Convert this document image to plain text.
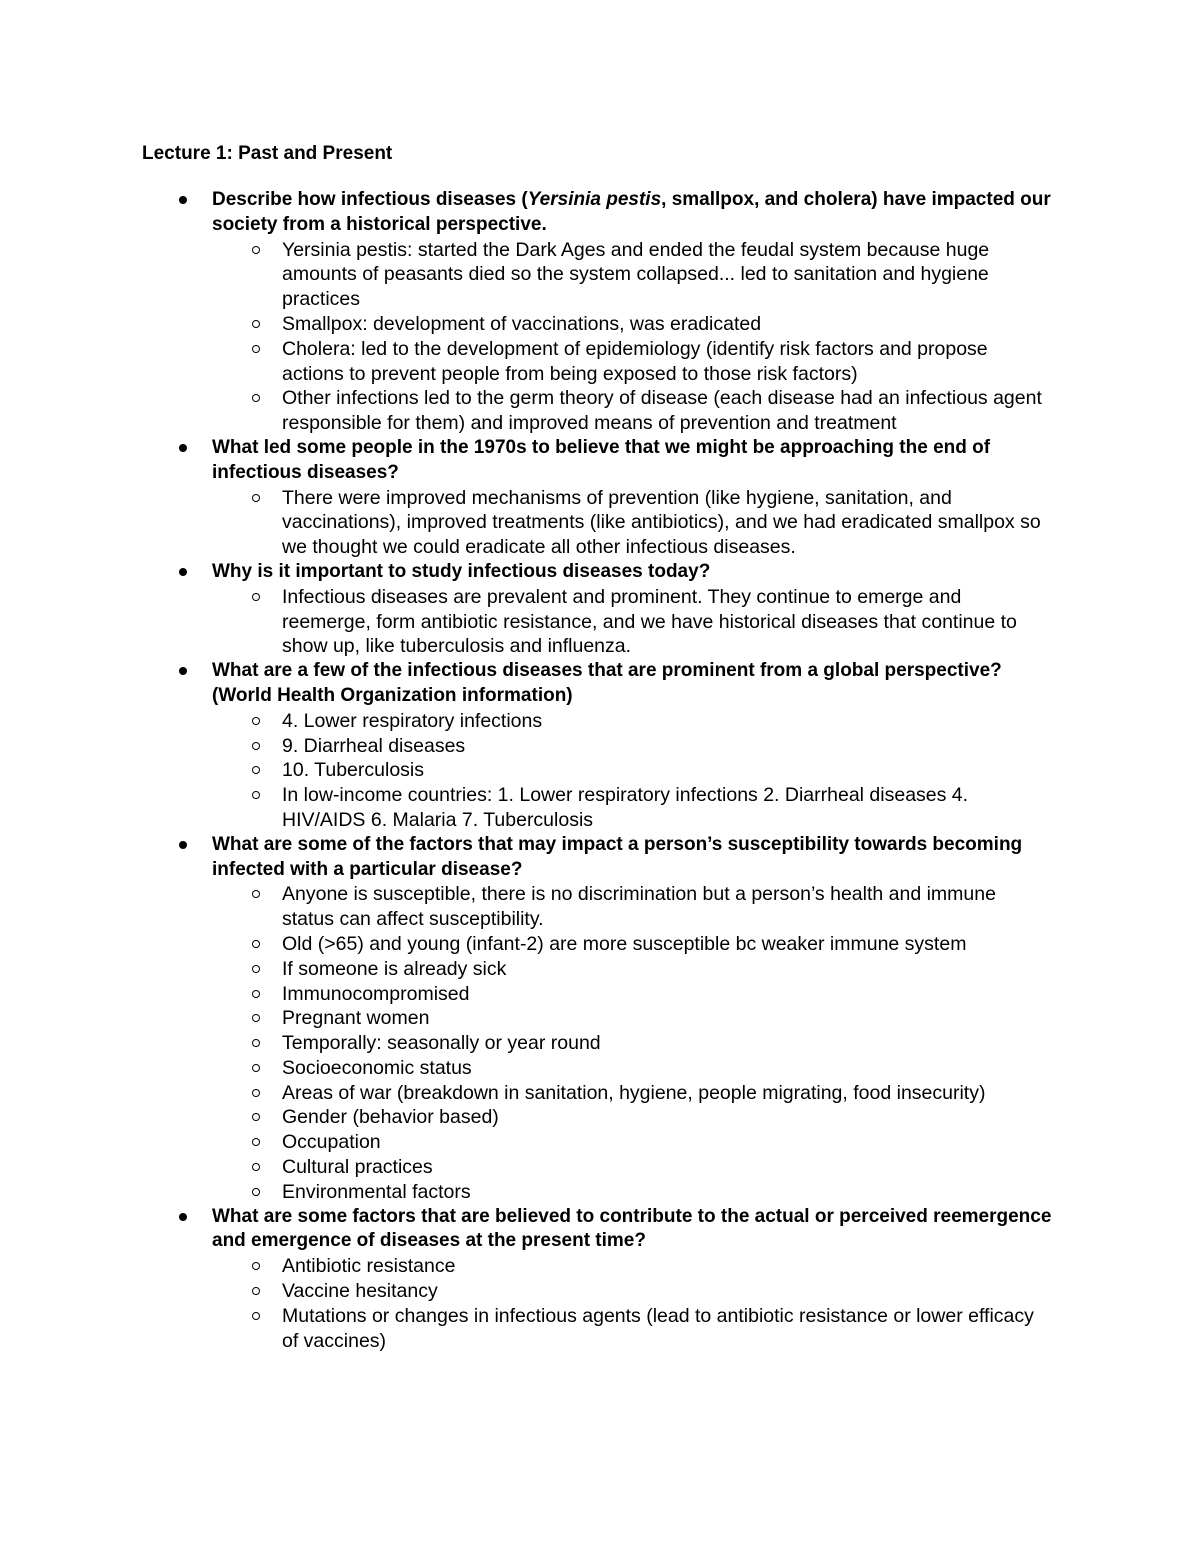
Lecture 1: Past and Present
Describe how infectious diseases (Yersinia pestis, smallpox, and cholera) have impacted our society from a historical perspective.
Yersinia pestis: started the Dark Ages and ended the feudal system because huge amounts of peasants died so the system collapsed... led to sanitation and hygiene practices
Smallpox: development of vaccinations, was eradicated
Cholera: led to the development of epidemiology (identify risk factors and propose actions to prevent people from being exposed to those risk factors)
Other infections led to the germ theory of disease (each disease had an infectious agent responsible for them) and improved means of prevention and treatment
What led some people in the 1970s to believe that we might be approaching the end of infectious diseases?
There were improved mechanisms of prevention (like hygiene, sanitation, and vaccinations), improved treatments (like antibiotics), and we had eradicated smallpox so we thought we could eradicate all other infectious diseases.
Why is it important to study infectious diseases today?
Infectious diseases are prevalent and prominent. They continue to emerge and reemerge, form antibiotic resistance, and we have historical diseases that continue to show up, like tuberculosis and influenza.
What are a few of the infectious diseases that are prominent from a global perspective? (World Health Organization information)
4. Lower respiratory infections
9. Diarrheal diseases
10. Tuberculosis
In low-income countries: 1. Lower respiratory infections 2. Diarrheal diseases 4. HIV/AIDS 6. Malaria 7. Tuberculosis
What are some of the factors that may impact a person’s susceptibility towards becoming infected with a particular disease?
Anyone is susceptible, there is no discrimination but a person’s health and immune status can affect susceptibility.
Old (>65) and young (infant-2) are more susceptible bc weaker immune system
If someone is already sick
Immunocompromised
Pregnant women
Temporally: seasonally or year round
Socioeconomic status
Areas of war (breakdown in sanitation, hygiene, people migrating, food insecurity)
Gender (behavior based)
Occupation
Cultural practices
Environmental factors
What are some factors that are believed to contribute to the actual or perceived reemergence and emergence of diseases at the present time?
Antibiotic resistance
Vaccine hesitancy
Mutations or changes in infectious agents (lead to antibiotic resistance or lower efficacy of vaccines)
